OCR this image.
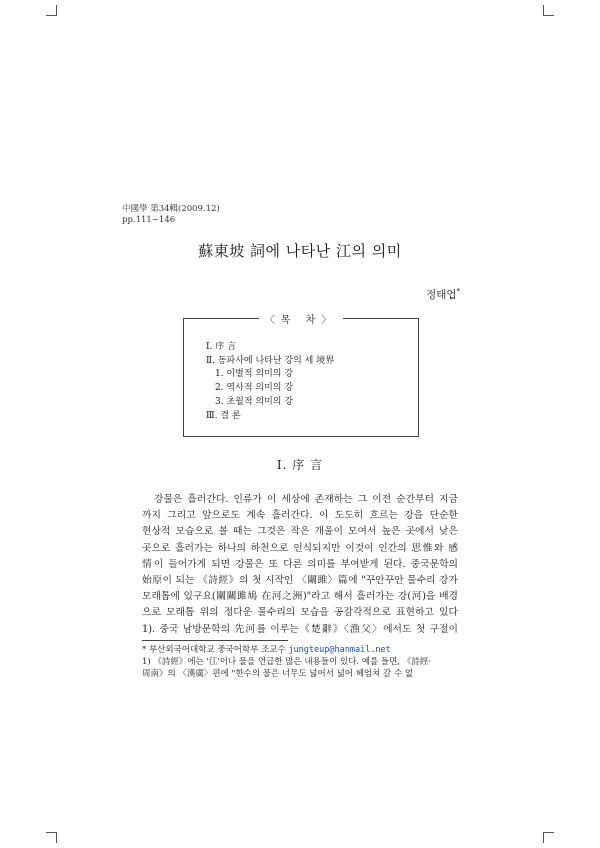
中國學 第34輯(2009.12)
pp.111~146
蘇東坡 詞에 나타난 江의 의미
정태업*
〈목 차〉
Ⅰ. 序 言
Ⅱ. 동파사에 나타난 강의 세 境界
1. 이별적 의미의 강
2. 역사적 의미의 강
3. 초월적 의미의 강
Ⅲ. 결 론
Ⅰ. 序 言
강물은 흘러간다. 인류가 이 세상에 존재하는 그 이전 순간부터 지금
까지 그리고 앞으로도 계속 흘러간다. 이 도도히 흐르는 강을 단순한
현상적 모습으로 볼 때는 그것은 작은 개울이 모여서 높은 곳에서 낮은
곳으로 흘러가는 하나의 하천으로 인식되지만 이것이 인간의 思惟와 感
情이 들어가게 되면 강물은 또 다른 의미를 부여받게 된다. 중국문학의
始原이 되는 《詩經》의 첫 시작인 〈關雎〉篇에 "꾸안꾸안 물수리 강가
모래톱에 있구요(關關雎鳩 在河之洲)"라고 해서 흘러가는 강(河)을 배경
으로 모래톱 위의 정다운 물수리의 모습을 공감각적으로 표현하고 있다
1). 중국 남방문학의 先河를 이루는《楚辭》〈漁父〉에서도 첫 구절이
* 부산외국어대학교 중국어학부 조교수 jungteup@hanmail.net
1) 《詩經》에는 '江'이나 물을 언급한 많은 내용들이 있다. 예를 들면, 《詩經·
周南》의 〈漢廣〉편에 "한수의 물은 너무도 넓어서 넓어 헤엄쳐 갈 수 없
